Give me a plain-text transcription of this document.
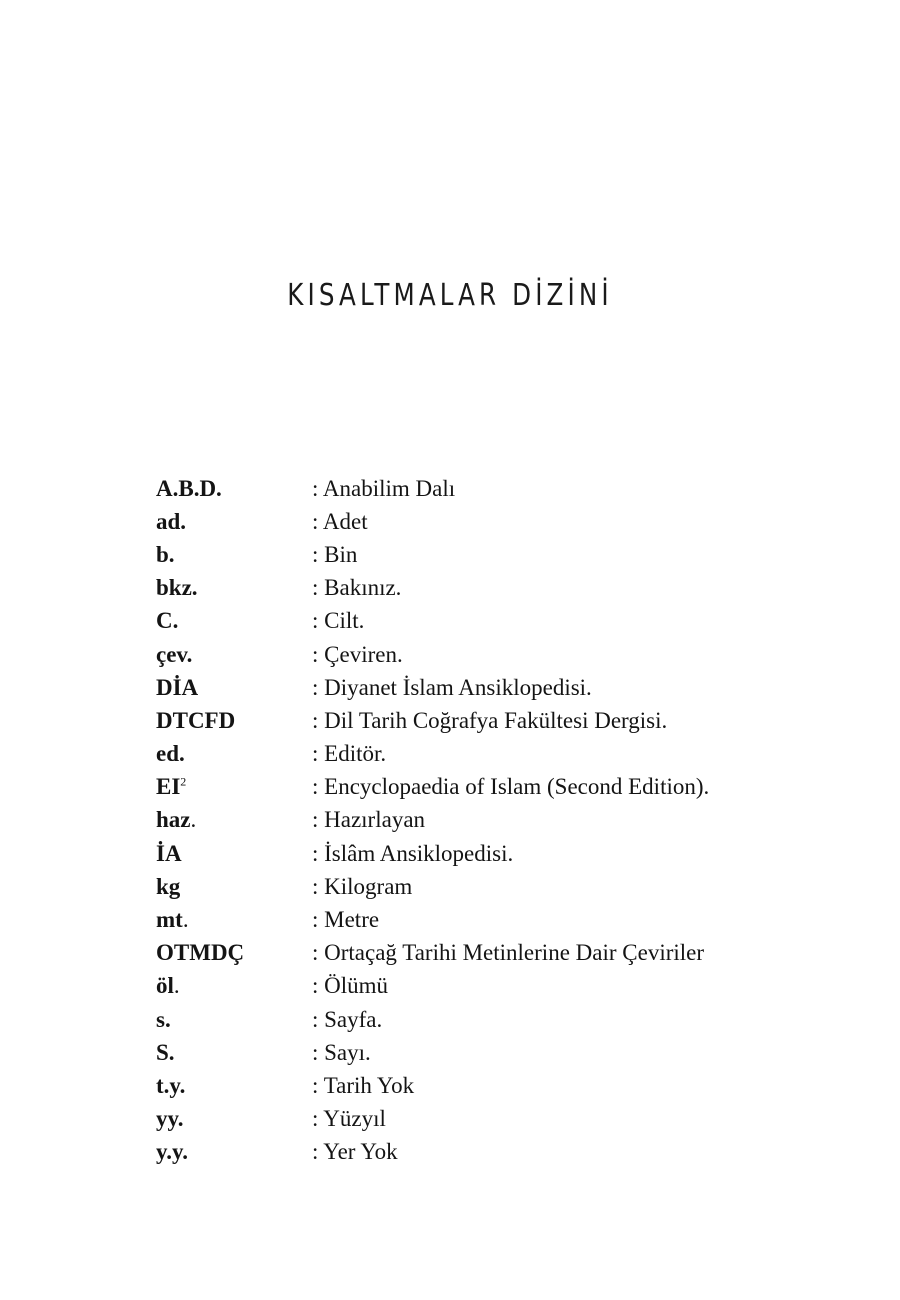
KISALTMALAR DİZİNİ
A.B.D.	: Anabilim Dalı
ad.	: Adet
b.	: Bin
bkz.	: Bakınız.
C.	: Cilt.
çev.	: Çeviren.
DİA	: Diyanet İslam Ansiklopedisi.
DTCFD	: Dil Tarih Coğrafya Fakültesi Dergisi.
ed.	: Editör.
$EI^2$	: Encyclopaedia of Islam (Second Edition).
haz.	: Hazırlayan
İA	: İslâm Ansiklopedisi.
kg	: Kilogram
mt.	: Metre
OTMDÇ	: Ortaçağ Tarihi Metinlerine Dair Çeviriler
öl.	: Ölümü
s.	: Sayfa.
S.	: Sayı.
t.y.	: Tarih Yok
yy.	: Yüzyıl
y.y.	: Yer Yok
